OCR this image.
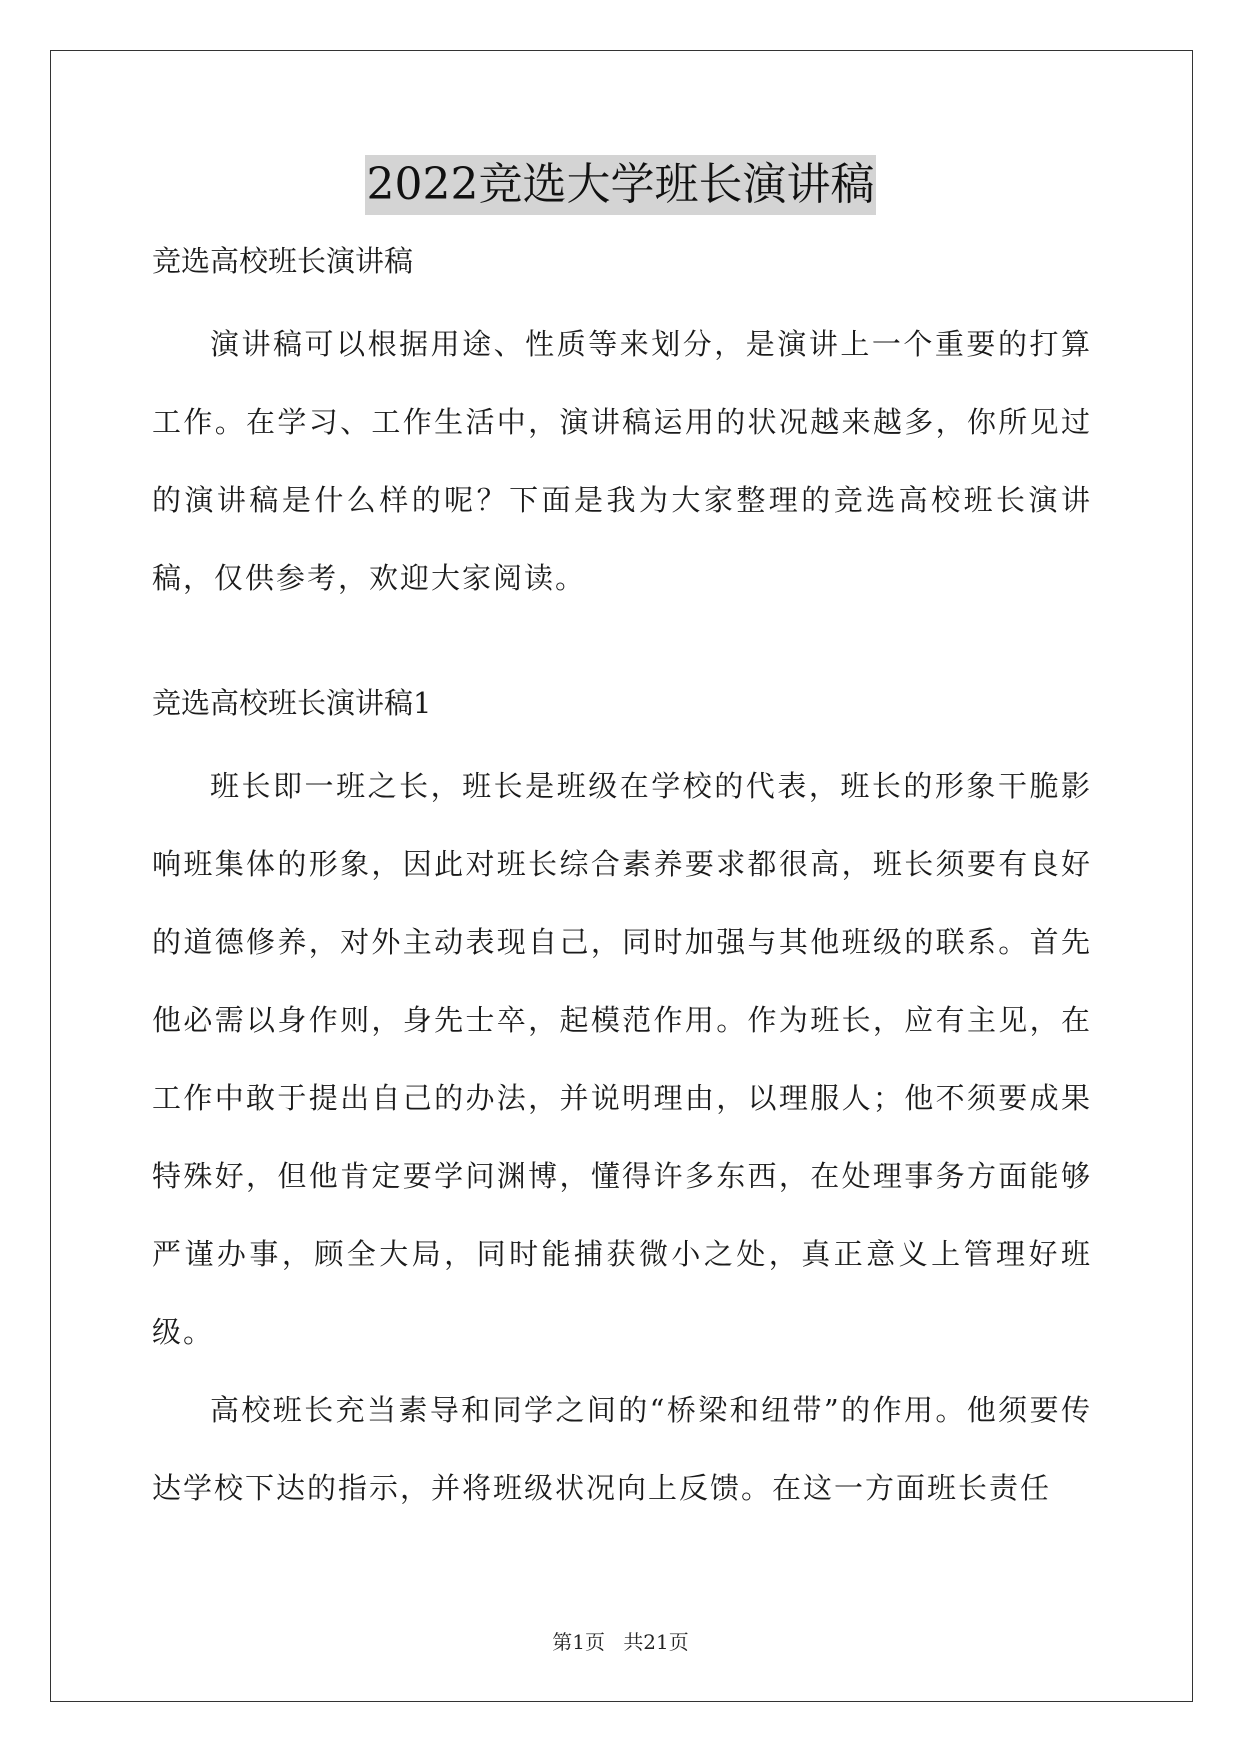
2022竞选大学班长演讲稿

竞选高校班长演讲稿

演讲稿可以根据用途、性质等来划分，是演讲上一个重要的打算工作。在学习、工作生活中，演讲稿运用的状况越来越多，你所见过的演讲稿是什么样的呢？下面是我为大家整理的竞选高校班长演讲稿，仅供参考，欢迎大家阅读。

竞选高校班长演讲稿1

班长即一班之长，班长是班级在学校的代表，班长的形象干脆影响班集体的形象，因此对班长综合素养要求都很高，班长须要有良好的道德修养，对外主动表现自己，同时加强与其他班级的联系。首先他必需以身作则，身先士卒，起模范作用。作为班长，应有主见，在工作中敢于提出自己的办法，并说明理由，以理服人；他不须要成果特殊好，但他肯定要学问渊博，懂得许多东西，在处理事务方面能够严谨办事，顾全大局，同时能捕获微小之处，真正意义上管理好班级。

高校班长充当素导和同学之间的“桥梁和纽带”的作用。他须要传达学校下达的指示，并将班级状况向上反馈。在这一方面班长责任

第1页 共21页
